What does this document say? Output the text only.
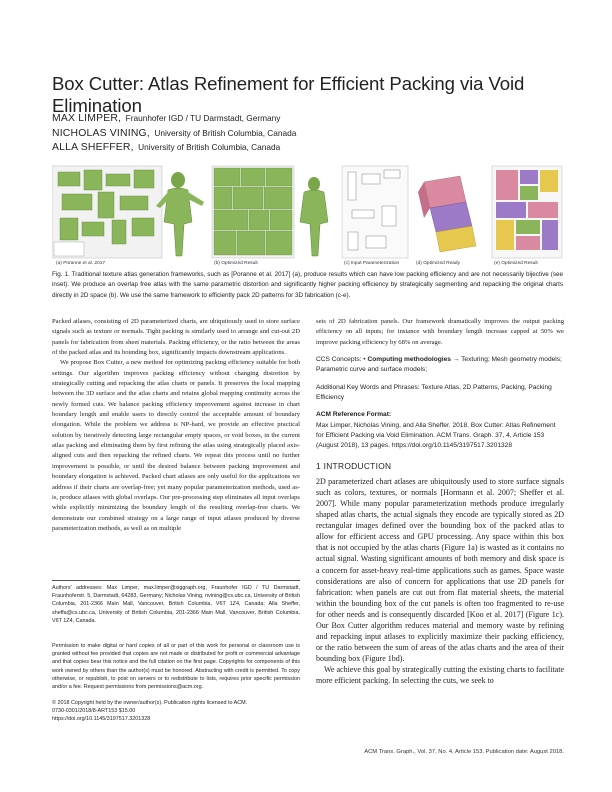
Box Cutter: Atlas Refinement for Efficient Packing via Void Elimination
MAX LIMPER, Fraunhofer IGD / TU Darmstadt, Germany
NICHOLAS VINING, University of British Columbia, Canada
ALLA SHEFFER, University of British Columbia, Canada
(a) Poranne et al. 2017	(b) Optimized Result	(c) Input Parameterization	(d) Optimized Ready	(e) Optimized Result
Fig. 1. Traditional texture atlas generation frameworks, such as [Poranne et al. 2017] (a), produce results which can have low packing efficiency and are not necessarily bijective (see inset). We produce an overlap free atlas with the same parametric distortion and significantly higher packing efficiency by strategically segmenting and repacking the original charts directly in 2D space (b). We use the same framework to efficiently pack 2D patterns for 3D fabrication (c-e).

Packed atlases, consisting of 2D parameterized charts, are ubiquitously used to store surface signals such as texture or normals. Tight packing is similarly used to arrange and cut-out 2D panels for fabrication from sheet materials. Packing efficiency, or the ratio between the areas of the packed atlas and its bounding box, significantly impacts downstream applications.

We propose Box Cutter, a new method for optimizing packing efficiency suitable for both settings. Our algorithm improves packing efficiency without changing distortion by strategically cutting and repacking the atlas charts or panels. It preserves the local mapping between the 3D surface and the atlas charts and retains global mapping continuity across the newly formed cuts. We balance packing efficiency improvement against increase in chart boundary length and enable users to directly control the acceptable amount of boundary elongation. While the problem we address is NP-hard, we provide an effective practical solution by iteratively detecting large rectangular empty spaces, or void boxes, in the current atlas packing and eliminating them by first refining the atlas using strategically placed axis-aligned cuts and then repacking the refined charts. We repeat this process until no further improvement is possible, or until the desired balance between packing improvement and boundary elongation is achieved. Packed chart atlases are only useful for the applications we address if their charts are overlap-free; yet many popular parameterization methods, used as-is, produce atlases with global overlaps. Our pre-processing step eliminates all input overlaps while explicitly minimizing the boundary length of the resulting overlap-free charts. We demonstrate our combined strategy on a large range of input atlases produced by diverse parameterization methods, as well as on multiple

Authors' addresses: Max Limper, max.limper@siggraph.org, Fraunhofer IGD / TU Darmstadt, Fraunhoferstr. 5, Darmstadt, 64283, Germany; Nicholas Vining, nvining@cs.ubc.ca, University of British Columbia, 201-2366 Main Mall, Vancouver, British Columbia, V6T 1Z4, Canada; Alla Sheffer, sheffa@cs.ubc.ca, University of British Columbia, 201-2366 Main Mall, Vancouver, British Columbia, V6T 1Z4, Canada.
Permission to make digital or hard copies of all or part of this work for personal or classroom use is granted without fee provided that copies are not made or distributed for profit or commercial advantage and that copies bear this notice and the full citation on the first page. Copyrights for components of this work owned by others than the author(s) must be honored. Abstracting with credit is permitted. To copy otherwise, or republish, to post on servers or to redistribute to lists, requires prior specific permission and/or a fee. Request permissions from permissions@acm.org.
© 2018 Copyright held by the owner/author(s). Publication rights licensed to ACM.
0730-0301/2018/8-ART153 $15.00
https://doi.org/10.1145/3197517.3201328

sets of 2D fabrication panels. Our framework dramatically improves the output packing efficiency on all inputs; for instance with boundary length increase capped at 50% we improve packing efficiency by 68% on average.

CCS Concepts: • Computing methodologies → Texturing; Mesh geometry models; Parametric curve and surface models;
Additional Key Words and Phrases: Texture Atlas, 2D Patterns, Packing, Packing Efficiency
ACM Reference Format:
Max Limper, Nicholas Vining, and Alla Sheffer. 2018. Box Cutter: Atlas Refinement for Efficient Packing via Void Elimination. ACM Trans. Graph. 37, 4, Article 153 (August 2018), 13 pages. https://doi.org/10.1145/3197517.3201328
1 INTRODUCTION

2D parameterized chart atlases are ubiquitously used to store surface signals such as colors, textures, or normals [Hormann et al. 2007; Sheffer et al. 2007]. While many popular parameterization methods produce irregularly shaped atlas charts, the actual signals they encode are typically stored as 2D rectangular images defined over the bounding box of the packed atlas to allow for efficient access and GPU processing. Any space within this box that is not occupied by the atlas charts (Figure 1a) is wasted as it contains no actual signal. Wasting significant amounts of both memory and disk space is a concern for asset-heavy real-time applications such as games. Space waste considerations are also of concern for applications that use 2D panels for fabrication: when panels are cut out from flat material sheets, the material within the bounding box of the cut panels is often too fragmented to re-use for other needs and is consequently discarded [Koo et al. 2017] (Figure 1c). Our Box Cutter algorithm reduces material and memory waste by refining and repacking input atlases to explicitly maximize their packing efficiency, or the ratio between the sum of areas of the atlas charts and the area of their bounding box (Figure 1bd).

We achieve this goal by strategically cutting the existing charts to facilitate more efficient packing. In selecting the cuts, we seek to

ACM Trans. Graph., Vol. 37, No. 4, Article 153. Publication date: August 2018.
